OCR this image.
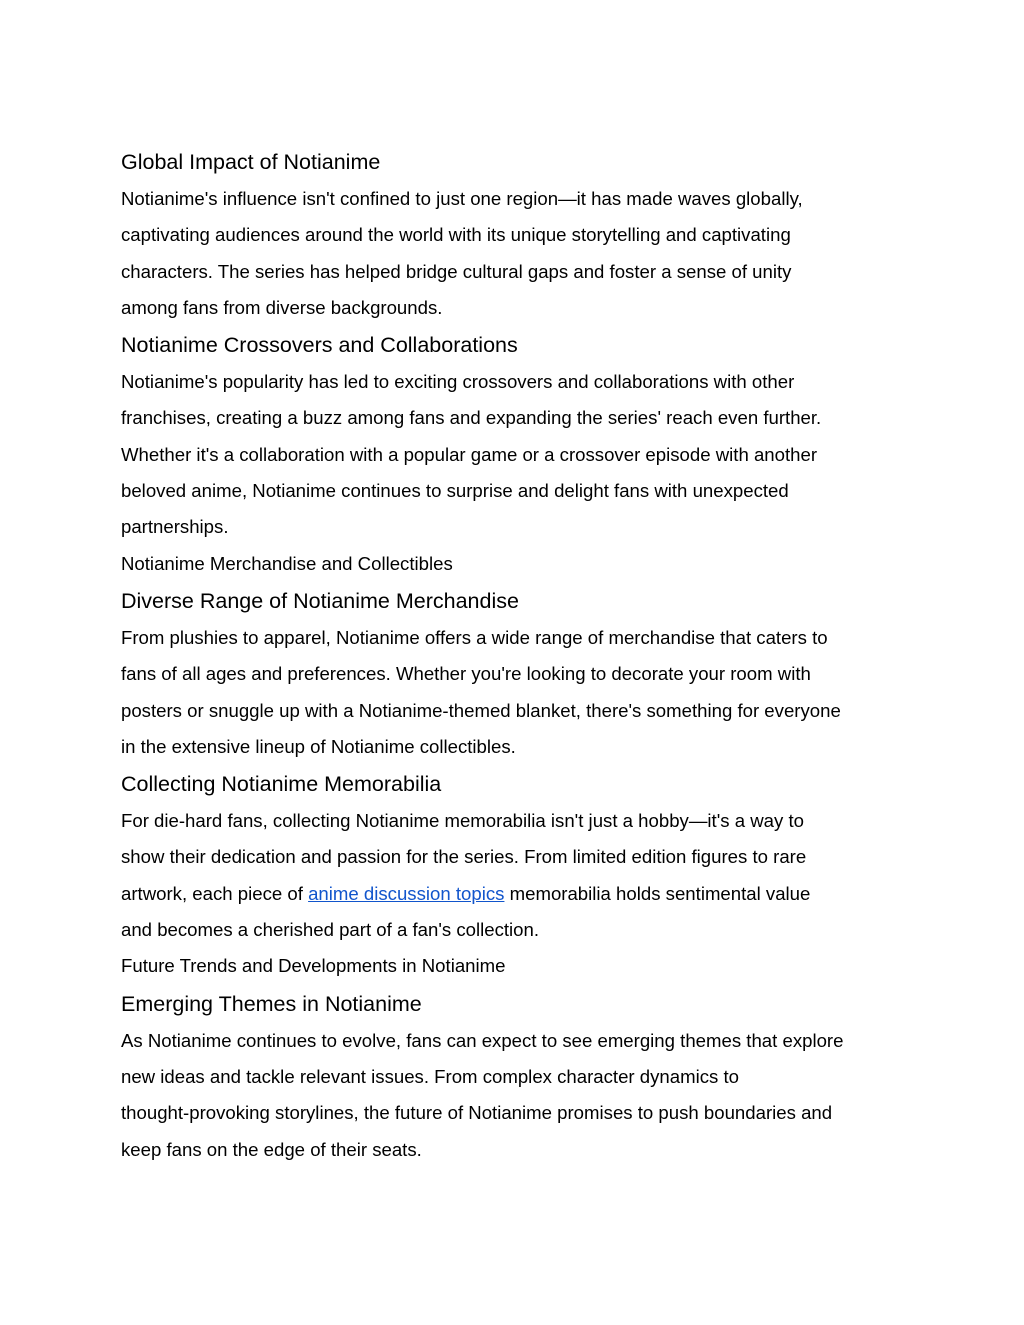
Global Impact of Notianime

Notianime's influence isn't confined to just one region—it has made waves globally,
captivating audiences around the world with its unique storytelling and captivating
characters. The series has helped bridge cultural gaps and foster a sense of unity
among fans from diverse backgrounds.

Notianime Crossovers and Collaborations

Notianime's popularity has led to exciting crossovers and collaborations with other
franchises, creating a buzz among fans and expanding the series' reach even further.
Whether it's a collaboration with a popular game or a crossover episode with another
beloved anime, Notianime continues to surprise and delight fans with unexpected
partnerships.

Notianime Merchandise and Collectibles

Diverse Range of Notianime Merchandise

From plushies to apparel, Notianime offers a wide range of merchandise that caters to
fans of all ages and preferences. Whether you're looking to decorate your room with
posters or snuggle up with a Notianime-themed blanket, there's something for everyone
in the extensive lineup of Notianime collectibles.

Collecting Notianime Memorabilia

For die-hard fans, collecting Notianime memorabilia isn't just a hobby—it's a way to
show their dedication and passion for the series. From limited edition figures to rare
artwork, each piece of anime discussion topics memorabilia holds sentimental value
and becomes a cherished part of a fan's collection.

Future Trends and Developments in Notianime

Emerging Themes in Notianime

As Notianime continues to evolve, fans can expect to see emerging themes that explore
new ideas and tackle relevant issues. From complex character dynamics to
thought-provoking storylines, the future of Notianime promises to push boundaries and
keep fans on the edge of their seats.
